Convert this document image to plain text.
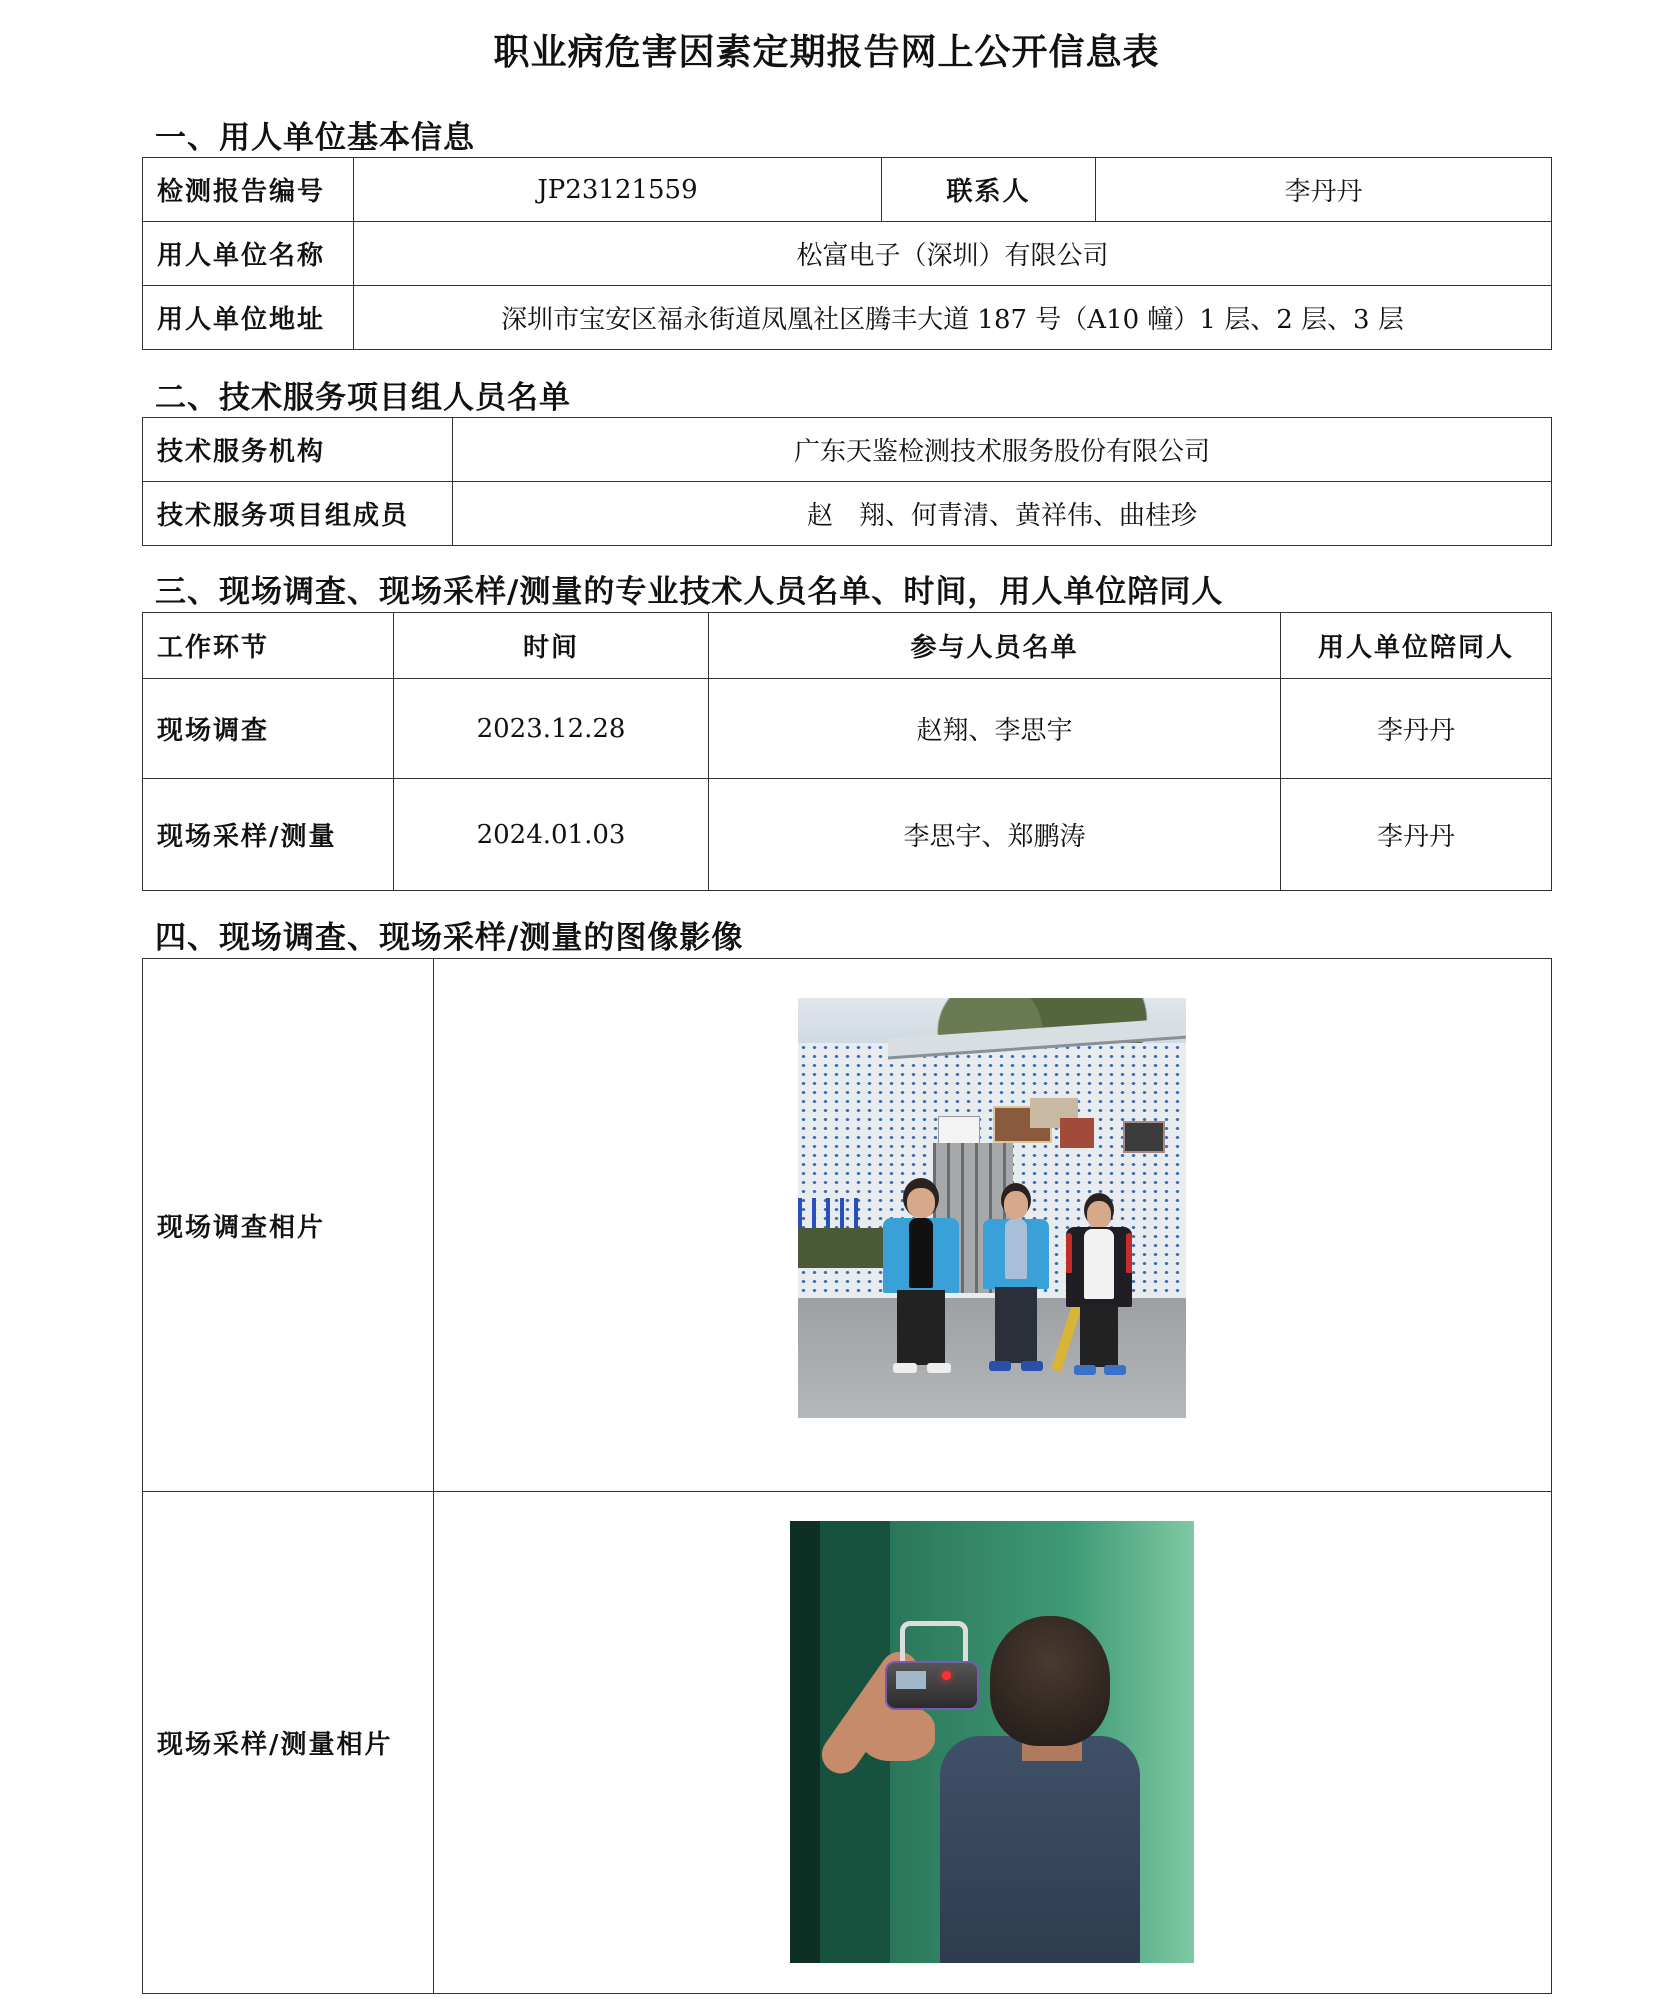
职业病危害因素定期报告网上公开信息表
一、用人单位基本信息
检测报告编号	JP23121559	联系人	李丹丹
用人单位名称	松富电子（深圳）有限公司		
用人单位地址	深圳市宝安区福永街道凤凰社区腾丰大道 187 号（A10 幢）1 层、2 层、3 层		
二、技术服务项目组人员名单
技术服务机构	广东天鉴检测技术服务股份有限公司
技术服务项目组成员	赵　翔、何青清、黄祥伟、曲桂珍
三、现场调查、现场采样/测量的专业技术人员名单、时间，用人单位陪同人
工作环节	时间	参与人员名单	用人单位陪同人
现场调查	2023.12.28	赵翔、李思宇	李丹丹
现场采样/测量	2024.01.03	李思宇、郑鹏涛	李丹丹
四、现场调查、现场采样/测量的图像影像
现场调查相片	
现场采样/测量相片	
